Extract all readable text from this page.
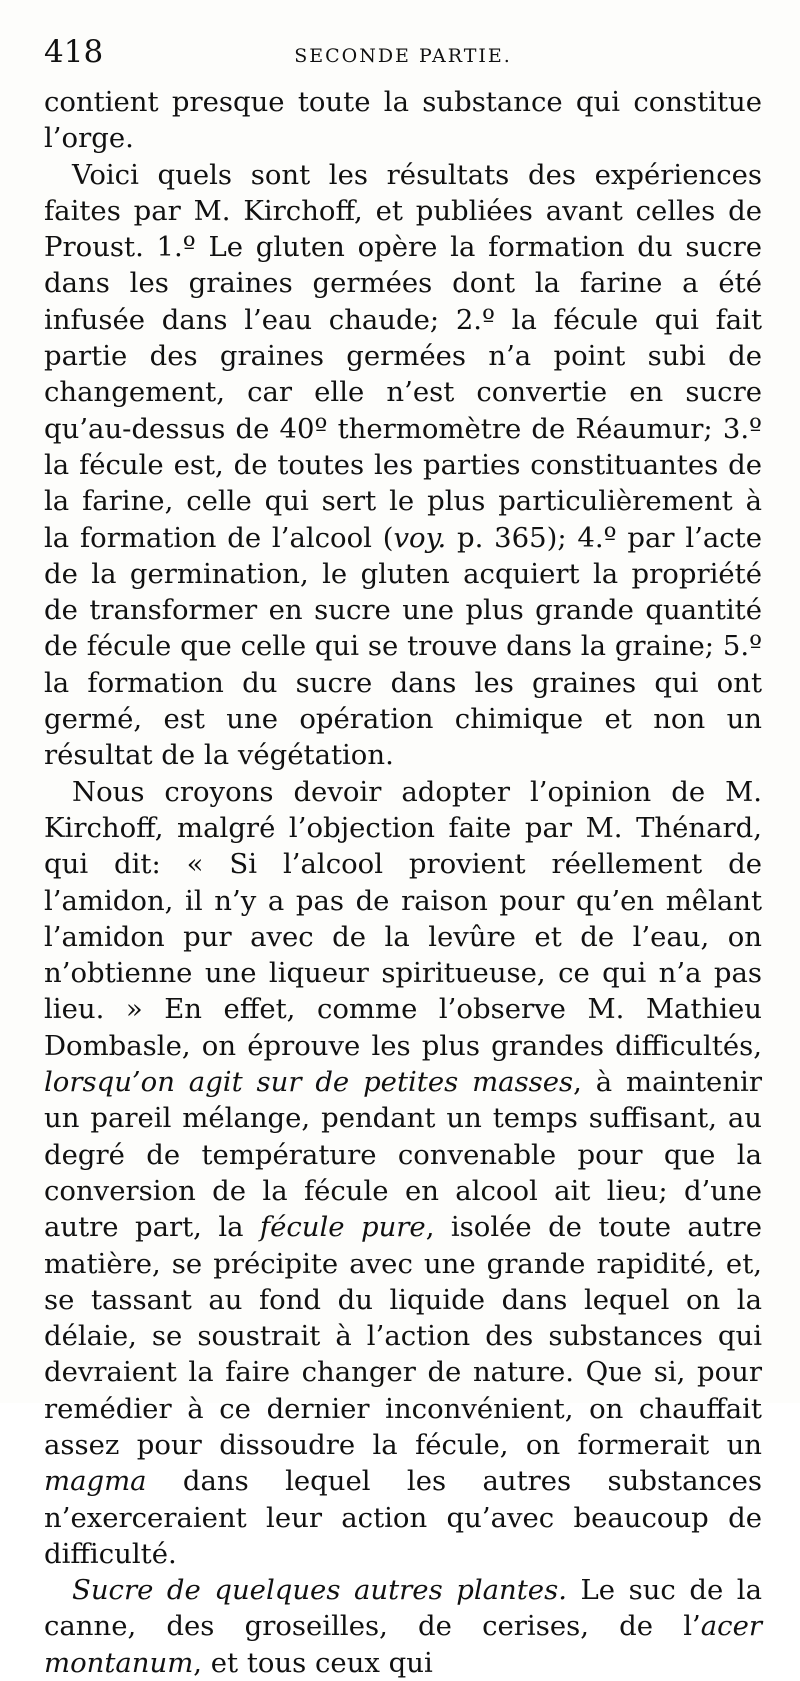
418	SECONDE PARTIE.

contient presque toute la substance qui constitue l’orge.

Voici quels sont les résultats des expériences faites par M. Kirchoff, et publiées avant celles de Proust. 1.º Le gluten opère la formation du sucre dans les graines germées dont la farine a été infusée dans l’eau chaude; 2.º la fécule qui fait partie des graines germées n’a point subi de changement, car elle n’est convertie en sucre qu’au-dessus de 40º thermomètre de Réaumur; 3.º la fécule est, de toutes les parties constituantes de la farine, celle qui sert le plus particulièrement à la formation de l’alcool (voy. p. 365); 4.º par l’acte de la germination, le gluten acquiert la propriété de transformer en sucre une plus grande quantité de fécule que celle qui se trouve dans la graine; 5.º la formation du sucre dans les graines qui ont germé, est une opération chimique et non un résultat de la végétation.

Nous croyons devoir adopter l’opinion de M. Kirchoff, malgré l’objection faite par M. Thénard, qui dit: « Si l’alcool provient réellement de l’amidon, il n’y a pas de raison pour qu’en mêlant l’amidon pur avec de la levûre et de l’eau, on n’obtienne une liqueur spiritueuse, ce qui n’a pas lieu. » En effet, comme l’observe M. Mathieu Dombasle, on éprouve les plus grandes difficultés, lorsqu’on agit sur de petites masses, à maintenir un pareil mélange, pendant un temps suffisant, au degré de température convenable pour que la conversion de la fécule en alcool ait lieu; d’une autre part, la fécule pure, isolée de toute autre matière, se précipite avec une grande rapidité, et, se tassant au fond du liquide dans lequel on la délaie, se soustrait à l’action des substances qui devraient la faire changer de nature. Que si, pour remédier à ce dernier inconvénient, on chauffait assez pour dissoudre la fécule, on formerait un magma dans lequel les autres substances n’exerceraient leur action qu’avec beaucoup de difficulté.

Sucre de quelques autres plantes. Le suc de la canne, des groseilles, de cerises, de l’acer montanum, et tous ceux qui
